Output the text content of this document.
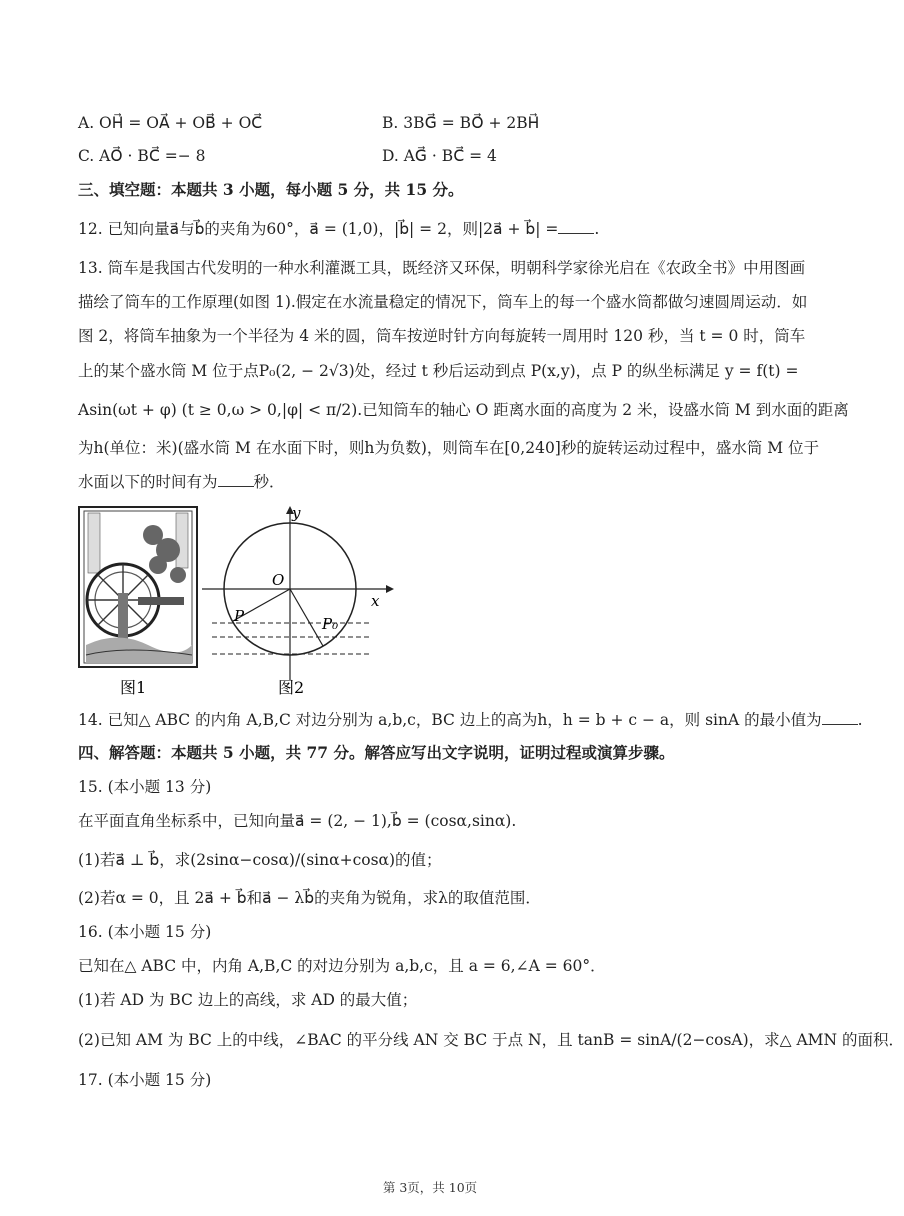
A. OH⃗ = OA⃗ + OB⃗ + OC⃗	B. 3BG⃗ = BO⃗ + 2BH⃗
C. AO⃗ · BC⃗ =− 8	D. AG⃗ · BC⃗ = 4
三、填空题：本题共 3 小题，每小题 5 分，共 15 分。
12. 已知向量a⃗与b⃗的夹角为60°，a⃗ = (1,0)，|b⃗| = 2，则|2a⃗ + b⃗| = .
13. 筒车是我国古代发明的一种水利灌溉工具，既经济又环保，明朝科学家徐光启在《农政全书》中用图画
描绘了筒车的工作原理(如图 1).假定在水流量稳定的情况下，筒车上的每一个盛水筒都做匀速圆周运动．如
图 2，将筒车抽象为一个半径为 4 米的圆，筒车按逆时针方向每旋转一周用时 120 秒，当 t = 0 时，筒车
上的某个盛水筒 M 位于点P₀(2, − 2√3)处，经过 t 秒后运动到点 P(x,y)，点 P 的纵坐标满足 y = f(t) =
Asin(ωt + φ) (t ≥ 0,ω > 0,|φ| < π/2).已知筒车的轴心 O 距离水面的高度为 2 米，设盛水筒 M 到水面的距离
为h(单位：米)(盛水筒 M 在水面下时，则h为负数)，则筒车在[0,240]秒的旋转运动过程中，盛水筒 M 位于
水面以下的时间有为 秒．
图1
y
x
O
P	P₀
图2
14. 已知△ ABC 的内角 A,B,C 对边分别为 a,b,c，BC 边上的高为h，h = b + c − a，则 sinA 的最小值为 .
四、解答题：本题共 5 小题，共 77 分。解答应写出文字说明，证明过程或演算步骤。
15. (本小题 13 分)
在平面直角坐标系中，已知向量a⃗ = (2, − 1),b⃗ = (cosα,sinα).
(1)若a⃗ ⊥ b⃗，求(2sinα−cosα)/(sinα+cosα)的值；
(2)若α = 0，且 2a⃗ + b⃗和a⃗ − λb⃗的夹角为锐角，求λ的取值范围．
16. (本小题 15 分)
已知在△ ABC 中，内角 A,B,C 的对边分别为 a,b,c，且 a = 6,∠A = 60°．
(1)若 AD 为 BC 边上的高线，求 AD 的最大值；
(2)已知 AM 为 BC 上的中线，∠BAC 的平分线 AN 交 BC 于点 N，且 tanB = sinA/(2−cosA)，求△ AMN 的面积．
17. (本小题 15 分)
第 3页，共 10页
